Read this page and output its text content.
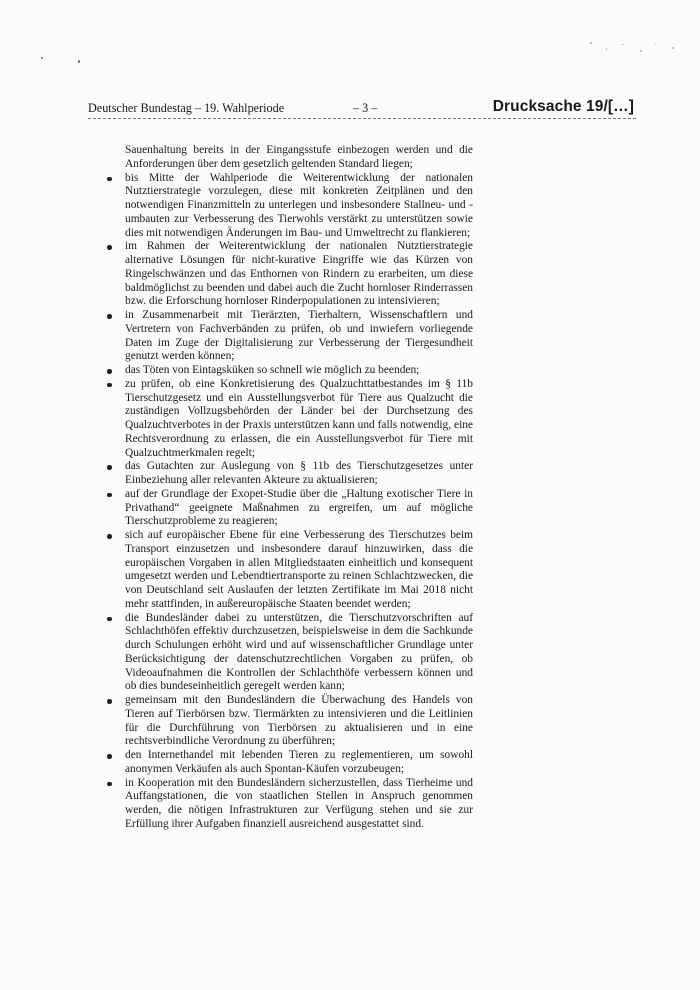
Deutscher Bundestag – 19. Wahlperiode	– 3 –	Drucksache 19/[…]

Sauenhaltung bereits in der Eingangsstufe einbezogen werden und die Anforderungen über dem gesetzlich geltenden Standard liegen;

bis Mitte der Wahlperiode die Weiterentwicklung der nationalen Nutztierstrategie vorzulegen, diese mit konkreten Zeitplänen und den notwendigen Finanzmitteln zu unterlegen und insbesondere Stallneu- und -umbauten zur Verbesserung des Tierwohls verstärkt zu unterstützen sowie dies mit notwendigen Änderungen im Bau- und Umweltrecht zu flankieren;
im Rahmen der Weiterentwicklung der nationalen Nutztierstrategie alternative Lösungen für nicht-kurative Eingriffe wie das Kürzen von Ringelschwänzen und das Enthornen von Rindern zu erarbeiten, um diese baldmöglichst zu beenden und dabei auch die Zucht hornloser Rinderrassen bzw. die Erforschung hornloser Rinderpopulationen zu intensivieren;
in Zusammenarbeit mit Tierärzten, Tierhaltern, Wissenschaftlern und Vertretern von Fachverbänden zu prüfen, ob und inwiefern vorliegende Daten im Zuge der Digitalisierung zur Verbesserung der Tiergesundheit genutzt werden können;
das Töten von Eintagsküken so schnell wie möglich zu beenden;
zu prüfen, ob eine Konkretisierung des Qualzuchttatbestandes im § 11b Tierschutzgesetz und ein Ausstellungsverbot für Tiere aus Qualzucht die zuständigen Vollzugsbehörden der Länder bei der Durchsetzung des Qualzuchtverbotes in der Praxis unterstützen kann und falls notwendig, eine Rechtsverordnung zu erlassen, die ein Ausstellungsverbot für Tiere mit Qualzuchtmerkmalen regelt;
das Gutachten zur Auslegung von § 11b des Tierschutzgesetzes unter Einbeziehung aller relevanten Akteure zu aktualisieren;
auf der Grundlage der Exopet-Studie über die „Haltung exotischer Tiere in Privathand“ geeignete Maßnahmen zu ergreifen, um auf mögliche Tierschutzprobleme zu reagieren;
sich auf europäischer Ebene für eine Verbesserung des Tierschutzes beim Transport einzusetzen und insbesondere darauf hinzuwirken, dass die europäischen Vorgaben in allen Mitgliedstaaten einheitlich und konsequent umgesetzt werden und Lebendtiertransporte zu reinen Schlachtzwecken, die von Deutschland seit Auslaufen der letzten Zertifikate im Mai 2018 nicht mehr stattfinden, in außereuropäische Staaten beendet werden;
die Bundesländer dabei zu unterstützen, die Tierschutzvorschriften auf Schlachthöfen effektiv durchzusetzen, beispielsweise in dem die Sachkunde durch Schulungen erhöht wird und auf wissenschaftlicher Grundlage unter Berücksichtigung der datenschutzrechtlichen Vorgaben zu prüfen, ob Videoaufnahmen die Kontrollen der Schlachthöfe verbessern können und ob dies bundeseinheitlich geregelt werden kann;
gemeinsam mit den Bundesländern die Überwachung des Handels von Tieren auf Tierbörsen bzw. Tiermärkten zu intensivieren und die Leitlinien für die Durchführung von Tierbörsen zu aktualisieren und in eine rechtsverbindliche Verordnung zu überführen;
den Internethandel mit lebenden Tieren zu reglementieren, um sowohl anonymen Verkäufen als auch Spontan-Käufen vorzubeugen;
in Kooperation mit den Bundesländern sicherzustellen, dass Tierheime und Auffangstationen, die von staatlichen Stellen in Anspruch genommen werden, die nötigen Infrastrukturen zur Verfügung stehen und sie zur Erfüllung ihrer Aufgaben finanziell ausreichend ausgestattet sind.
